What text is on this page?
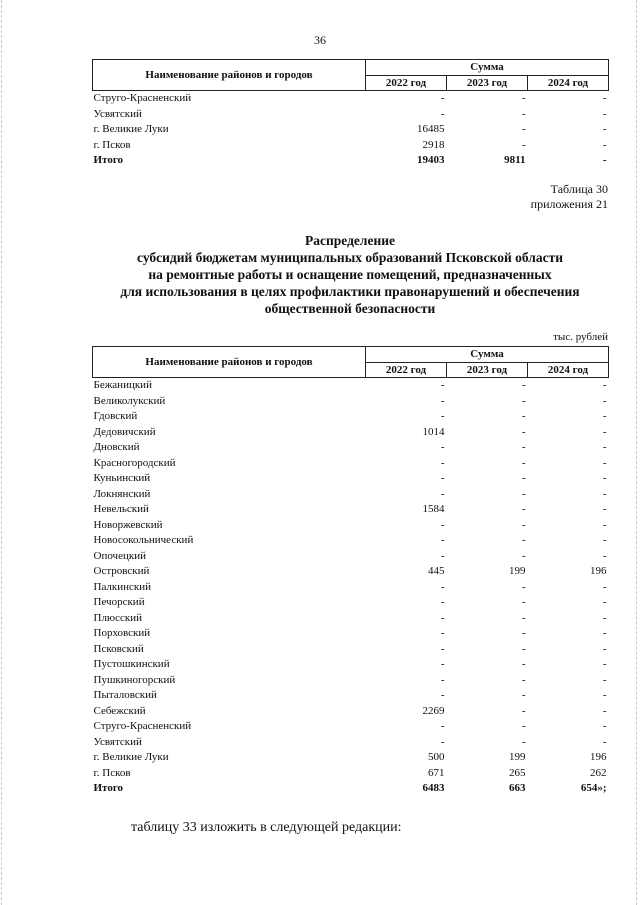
36
Наименование районов и городов	Сумма		
	2022 год	2023 год	2024 год
Струго-Красненский	-	-	-
Усвятский	-	-	-
г. Великие Луки	16485	-	-
г. Псков	2918	-	-
Итого	19403	9811	-
Таблица 30
приложения 21
Распределение
субсидий бюджетам муниципальных образований Псковской области
на ремонтные работы и оснащение помещений, предназначенных
для использования в целях профилактики правонарушений и обеспечения
общественной безопасности
тыс. рублей
Наименование районов и городов	Сумма		
	2022 год	2023 год	2024 год
Бежаницкий	-	-	-
Великолукский	-	-	-
Гдовский	-	-	-
Дедовичский	1014	-	-
Дновский	-	-	-
Красногородский	-	-	-
Куньинский	-	-	-
Локнянский	-	-	-
Невельский	1584	-	-
Новоржевский	-	-	-
Новосокольнический	-	-	-
Опочецкий	-	-	-
Островский	445	199	196
Палкинский	-	-	-
Печорский	-	-	-
Плюсский	-	-	-
Порховский	-	-	-
Псковский	-	-	-
Пустошкинский	-	-	-
Пушкиногорский	-	-	-
Пыталовский	-	-	-
Себежский	2269	-	-
Струго-Красненский	-	-	-
Усвятский	-	-	-
г. Великие Луки	500	199	196
г. Псков	671	265	262
Итого	6483	663	654»;
таблицу 33 изложить в следующей редакции:
